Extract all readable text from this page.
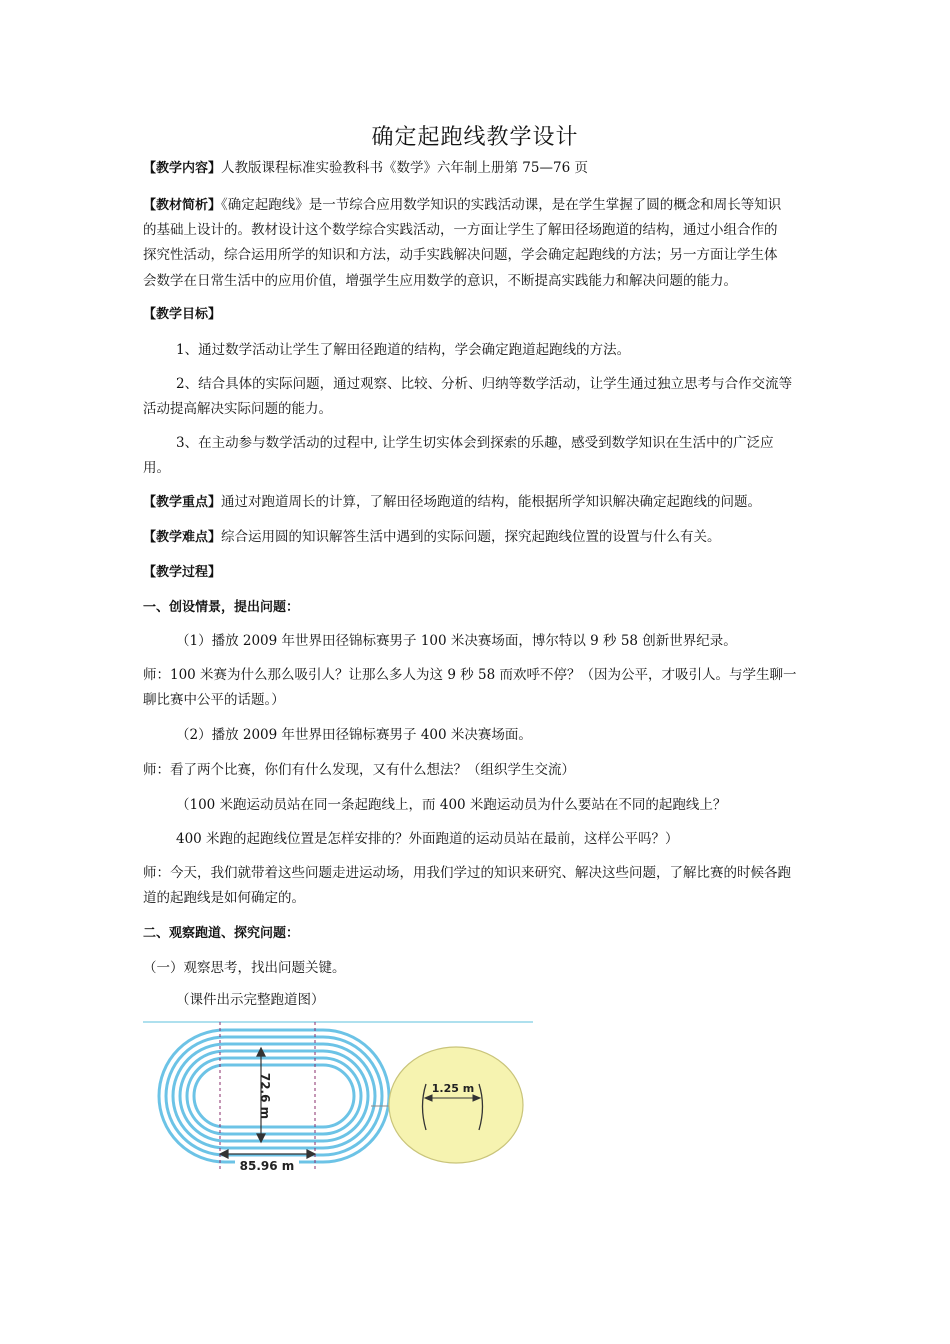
确定起跑线教学设计
【教学内容】人教版课程标准实验教科书《数学》六年制上册第 75—76 页
【教材简析】《确定起跑线》是一节综合应用数学知识的实践活动课，是在学生掌握了圆的概念和周长等知识
的基础上设计的。教材设计这个数学综合实践活动，一方面让学生了解田径场跑道的结构，通过小组合作的
探究性活动，综合运用所学的知识和方法，动手实践解决问题，学会确定起跑线的方法；另一方面让学生体
会数学在日常生活中的应用价值，增强学生应用数学的意识，不断提高实践能力和解决问题的能力。
【教学目标】
1、通过数学活动让学生了解田径跑道的结构，学会确定跑道起跑线的方法。
2、结合具体的实际问题，通过观察、比较、分析、归纳等数学活动，让学生通过独立思考与合作交流等
活动提高解决实际问题的能力。
3、在主动参与数学活动的过程中, 让学生切实体会到探索的乐趣，感受到数学知识在生活中的广泛应
用。
【教学重点】通过对跑道周长的计算，了解田径场跑道的结构，能根据所学知识解决确定起跑线的问题。
【教学难点】综合运用圆的知识解答生活中遇到的实际问题，探究起跑线位置的设置与什么有关。
【教学过程】
一、创设情景，提出问题：
（1）播放 2009 年世界田径锦标赛男子 100 米决赛场面，博尔特以 9 秒 58 创新世界纪录。
师：100 米赛为什么那么吸引人？让那么多人为这 9 秒 58 而欢呼不停？（因为公平，才吸引人。与学生聊一
聊比赛中公平的话题。）
（2）播放 2009 年世界田径锦标赛男子 400 米决赛场面。
师：看了两个比赛，你们有什么发现，又有什么想法？（组织学生交流）
（100 米跑运动员站在同一条起跑线上，而 400 米跑运动员为什么要站在不同的起跑线上？
400 米跑的起跑线位置是怎样安排的？外面跑道的运动员站在最前，这样公平吗？）
师：今天，我们就带着这些问题走进运动场，用我们学过的知识来研究、解决这些问题，了解比赛的时候各跑
道的起跑线是如何确定的。
二、观察跑道、探究问题：
（一）观察思考，找出问题关键。
（课件出示完整跑道图）
72.6 m
85.96 m
1.25 m
